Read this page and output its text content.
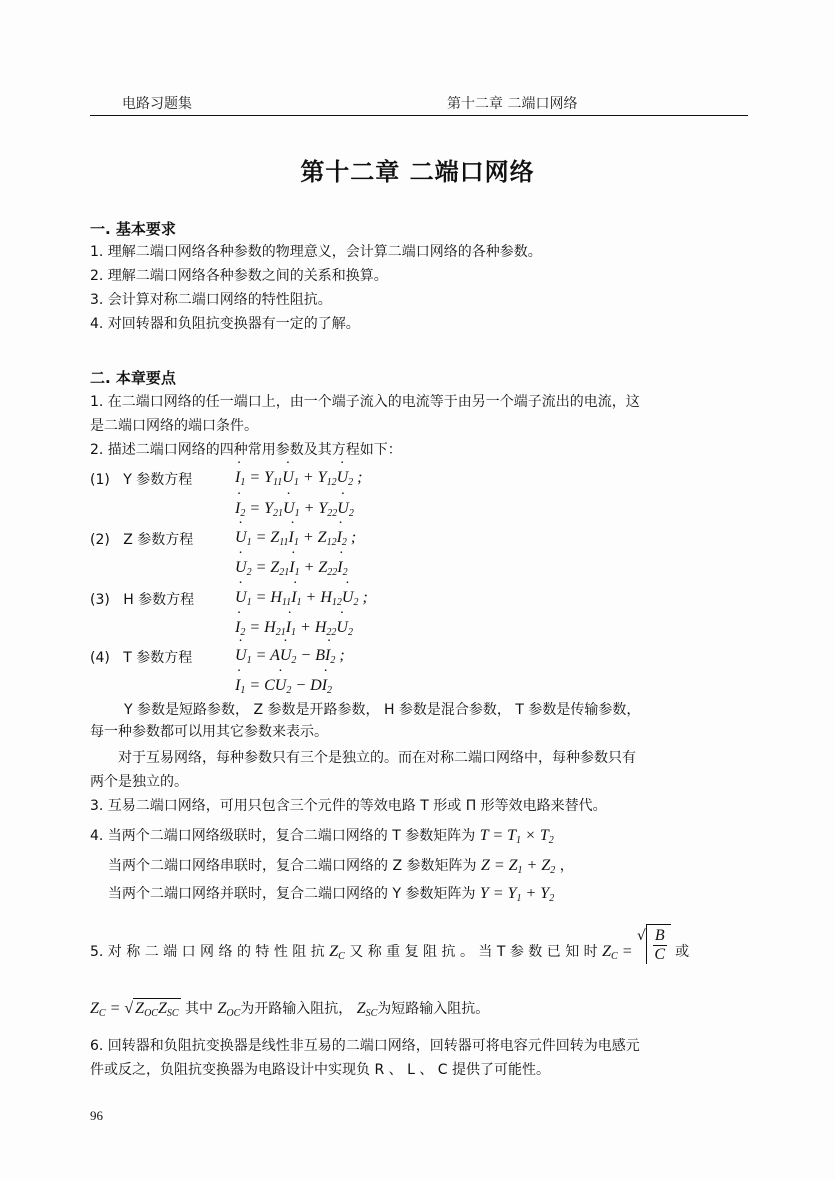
电路习题集	第十二章 二端口网络
第十二章 二端口网络
一. 基本要求
1. 理解二端口网络各种参数的物理意义，会计算二端口网络的各种参数。
2. 理解二端口网络各种参数之间的关系和换算。
3. 会计算对称二端口网络的特性阻抗。
4. 对回转器和负阻抗变换器有一定的了解。
二. 本章要点
1. 在二端口网络的任一端口上，由一个端子流入的电流等于由另一个端子流出的电流，这
是二端口网络的端口条件。
2. 描述二端口网络的四种常用参数及其方程如下：
(1) Y 参数方程	I $˙_1 = Y_{11}U$ $˙_1 + Y_{12}U$ $˙_2$ ;
I $˙_2 = Y_{21}U$ $˙_1 + Y_{22}U$ $˙_2$
(2) Z 参数方程	U $˙_1 = Z_{11}I$ $˙_1 + Z_{12}I$ $˙_2$ ;
U $˙_2 = Z_{21}I$ $˙_1 + Z_{22}I$ $˙_2$
(3) H 参数方程	U $˙_1 = H_{11}I$ $˙_1 + H_{12}U$ $˙_2$ ;
I $˙_2 = H_{21}I$ $˙_1 + H_{22}U$ $˙_2$
(4) T 参数方程	U $˙_1$ = AU $˙_2$ − BI $˙_2$ ;
I $˙_1$ = CU $˙_2$ − DI $˙_2$
Y 参数是短路参数， Z 参数是开路参数， H 参数是混合参数， T 参数是传输参数，
每一种参数都可以用其它参数来表示。
对于互易网络，每种参数只有三个是独立的。而在对称二端口网络中，每种参数只有
两个是独立的。
3. 互易二端口网络，可用只包含三个元件的等效电路 T 形或 Π 形等效电路来替代。
4. 当两个二端口网络级联时，复合二端口网络的 T 参数矩阵为 $T = T_1 \times T_2$
当两个二端口网络串联时，复合二端口网络的 Z 参数矩阵为 $Z = Z_1 + Z_2$ ，
当两个二端口网络并联时，复合二端口网络的 Y 参数矩阵为 $Y = Y_1 + Y_2$
5. 对 称 二 端 口 网 络 的 特 性 阻 抗 $Z_C$ 又 称 重 复 阻 抗 。 当 T 参 数 已 知 时 $Z_C$ = √ $\frac{B}{C}$ 或
$Z_C$ = √ $Z_{OC}Z_{SC}$ 其中 $Z_{OC}$为开路输入阻抗， $Z_{SC}$为短路输入阻抗。
6. 回转器和负阻抗变换器是线性非互易的二端口网络，回转器可将电容元件回转为电感元
件或反之，负阻抗变换器为电路设计中实现负 R 、 L 、 C 提供了可能性。
96
